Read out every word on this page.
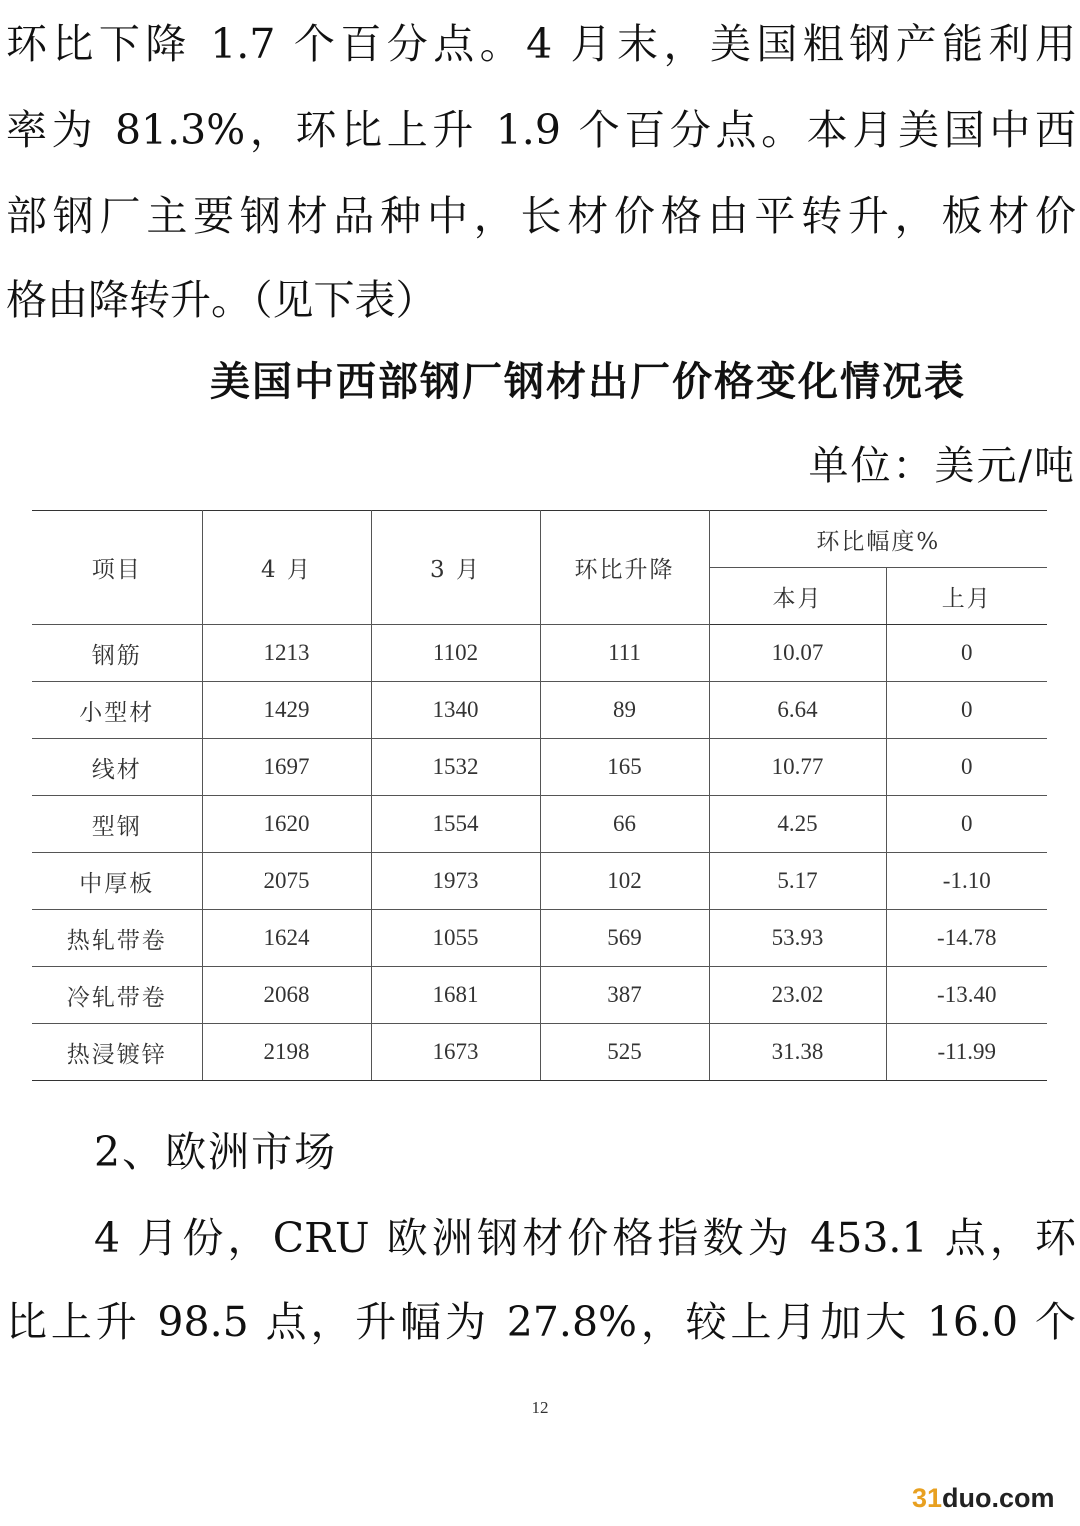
环比下降 1.7 个百分点。4 月末，美国粗钢产能利用
率为 81.3%，环比上升 1.9 个百分点。本月美国中西
部钢厂主要钢材品种中，长材价格由平转升，板材价
格由降转升。（见下表）
美国中西部钢厂钢材出厂价格变化情况表
单位：美元/吨
项目	4 月	3 月	环比升降	环比幅度%	
				本月	上月
钢筋	1213	1102	111	10.07	0
小型材	1429	1340	89	6.64	0
线材	1697	1532	165	10.77	0
型钢	1620	1554	66	4.25	0
中厚板	2075	1973	102	5.17	-1.10
热轧带卷	1624	1055	569	53.93	-14.78
冷轧带卷	2068	1681	387	23.02	-13.40
热浸镀锌	2198	1673	525	31.38	-11.99
2、欧洲市场
4 月份，CRU 欧洲钢材价格指数为 453.1 点，环
比上升 98.5 点，升幅为 27.8%，较上月加大 16.0 个
12
31duo.com
